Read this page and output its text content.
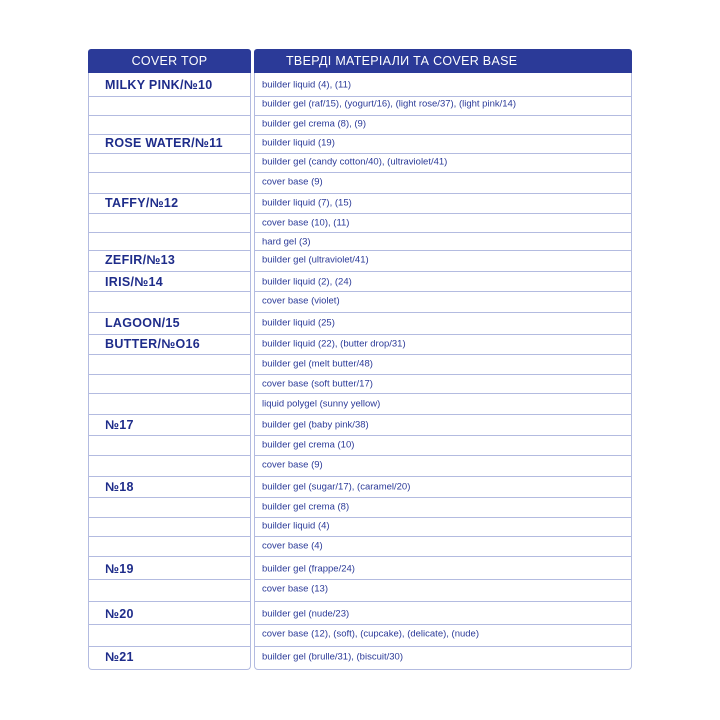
COVER TOP	ТВЕРДІ МАТЕРІАЛИ ТА COVER BASE
MILKY PINK/№10	builder liquid (4), (11)
builder gel (raf/15), (yogurt/16), (light rose/37), (light pink/14)
builder gel crema (8), (9)
ROSE WATER/№11	builder liquid (19)
builder gel (candy cotton/40), (ultraviolet/41)
cover base (9)
TAFFY/№12	builder liquid (7), (15)
cover base (10), (11)
hard gel (3)
ZEFIR/№13	builder gel (ultraviolet/41)
IRIS/№14	builder liquid (2), (24)
cover base (violet)
LAGOON/15	builder liquid (25)
BUTTER/№O16	builder liquid (22), (butter drop/31)
builder gel (melt butter/48)
cover base (soft butter/17)
liquid polygel (sunny yellow)
№17	builder gel (baby pink/38)
builder gel crema (10)
cover base (9)
№18	builder gel (sugar/17), (caramel/20)
builder gel crema (8)
builder liquid (4)
cover base (4)
№19	builder gel (frappe/24)
cover base (13)
№20	builder gel (nude/23)
cover base (12), (soft), (cupcake), (delicate), (nude)
№21	builder gel (brulle/31), (biscuit/30)
